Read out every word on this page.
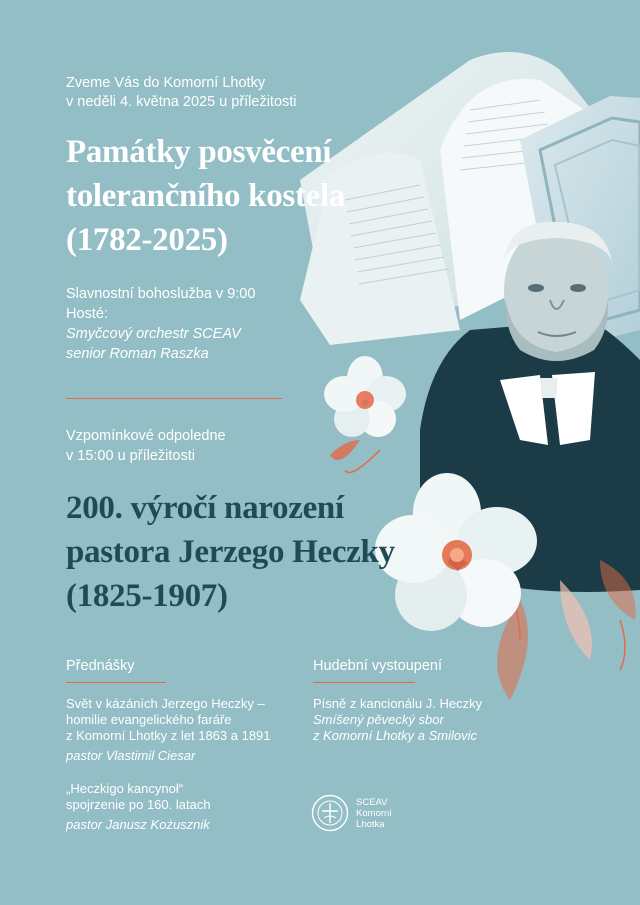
Zveme Vás do Komorní Lhotky
v neděli 4. května 2025 u příležitosti
Památky posvěcení
tolerančního kostela
(1782-2025)
Slavnostní bohoslužba v 9:00
Hosté:
Smyčcový orchestr SCEAV
senior Roman Raszka
Vzpomínkové odpoledne
v 15:00 u příležitosti
200. výročí narození
pastora Jerzego Heczky
(1825-1907)
Přednášky
Svět v kázáních Jerzego Heczky –
homilie evangelického faráře
z Komorní Lhotky z let 1863 a 1891
pastor Vlastimil Ciesar
„Heczkigo kancynoł“
spojrzenie po 160. latach
pastor Janusz Kożusznik
Hudební vystoupení
Písně z kancionálu J. Heczky
Smíšený pěvecký sbor
z Komorní Lhotky a Smilovic
SCEAV
Komorní
Lhotka
